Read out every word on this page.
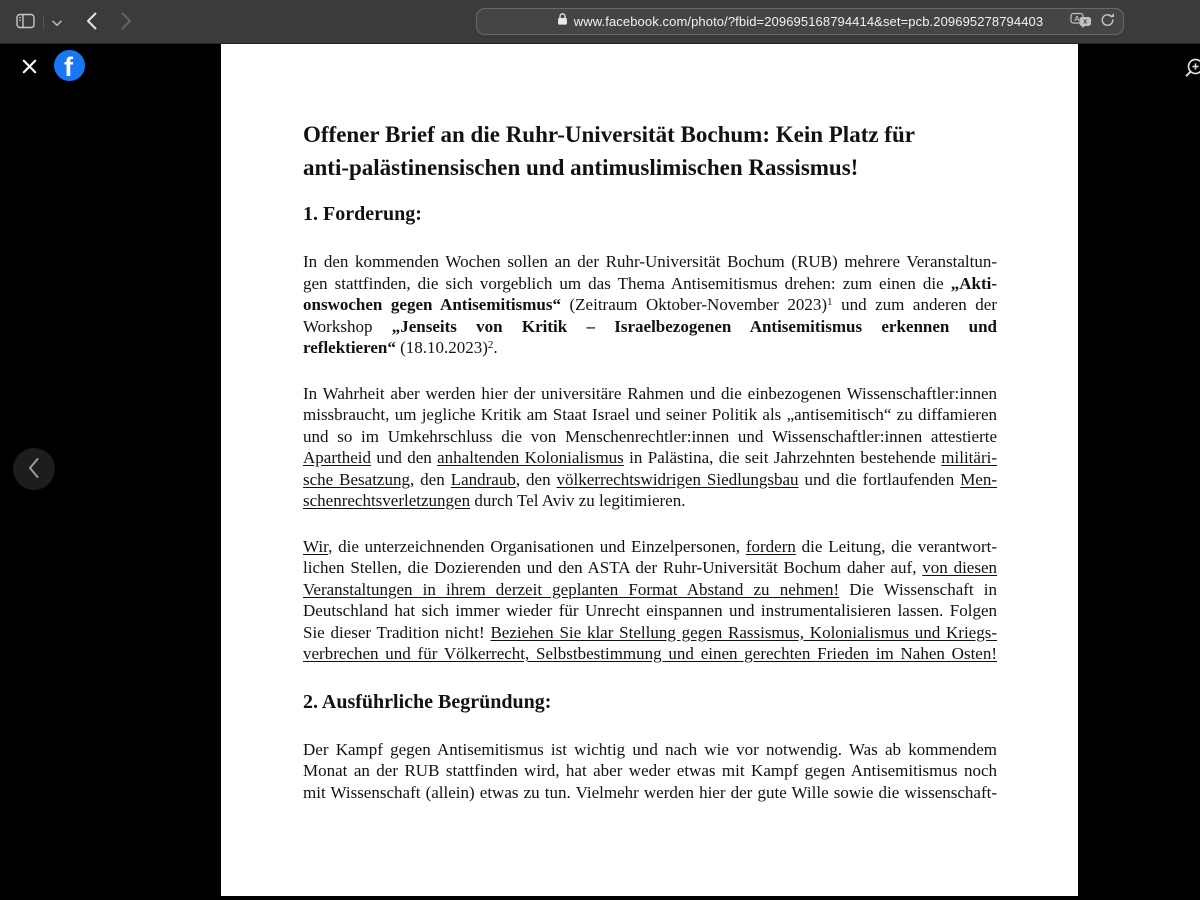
www.facebook.com/photo/?fbid=209695168794414&set=pcb.209695278794403	A x
Offener Brief an die Ruhr-Universität Bochum: Kein Platz für
anti-palästinensischen und antimuslimischen Rassismus!
1. Forderung:
In den kommenden Wochen sollen an der Ruhr-Universität Bochum (RUB) mehrere Veranstaltun-
gen stattfinden, die sich vorgeblich um das Thema Antisemitismus drehen: zum einen die „Akti-
onswochen gegen Antisemitismus“ (Zeitraum Oktober-November 2023)$^1$ und zum anderen der
Workshop „Jenseits von Kritik – Israelbezogenen Antisemitismus erkennen und
reflektieren“ $(18.10.2023)^2$.
In Wahrheit aber werden hier der universitäre Rahmen und die einbezogenen Wissenschaftler:innen
missbraucht, um jegliche Kritik am Staat Israel und seiner Politik als „antisemitisch“ zu diffamieren
und so im Umkehrschluss die von Menschenrechtler:innen und Wissenschaftler:innen attestierte
Apartheid und den anhaltenden Kolonialismus in Palästina, die seit Jahrzehnten bestehende militäri-
sche Besatzung, den Landraub, den völkerrechtswidrigen Siedlungsbau und die fortlaufenden Men-
schenrechtsverletzungen durch Tel Aviv zu legitimieren.
Wir, die unterzeichnenden Organisationen und Einzelpersonen, fordern die Leitung, die verantwort-
lichen Stellen, die Dozierenden und den ASTA der Ruhr-Universität Bochum daher auf, von diesen
Veranstaltungen in ihrem derzeit geplanten Format Abstand zu nehmen! Die Wissenschaft in
Deutschland hat sich immer wieder für Unrecht einspannen und instrumentalisieren lassen. Folgen
Sie dieser Tradition nicht! Beziehen Sie klar Stellung gegen Rassismus, Kolonialismus und Kriegs-
verbrechen und für Völkerrecht, Selbstbestimmung und einen gerechten Frieden im Nahen Osten!
2. Ausführliche Begründung:
Der Kampf gegen Antisemitismus ist wichtig und nach wie vor notwendig. Was ab kommendem
Monat an der RUB stattfinden wird, hat aber weder etwas mit Kampf gegen Antisemitismus noch
mit Wissenschaft (allein) etwas zu tun. Vielmehr werden hier der gute Wille sowie die wissenschaft-
f
